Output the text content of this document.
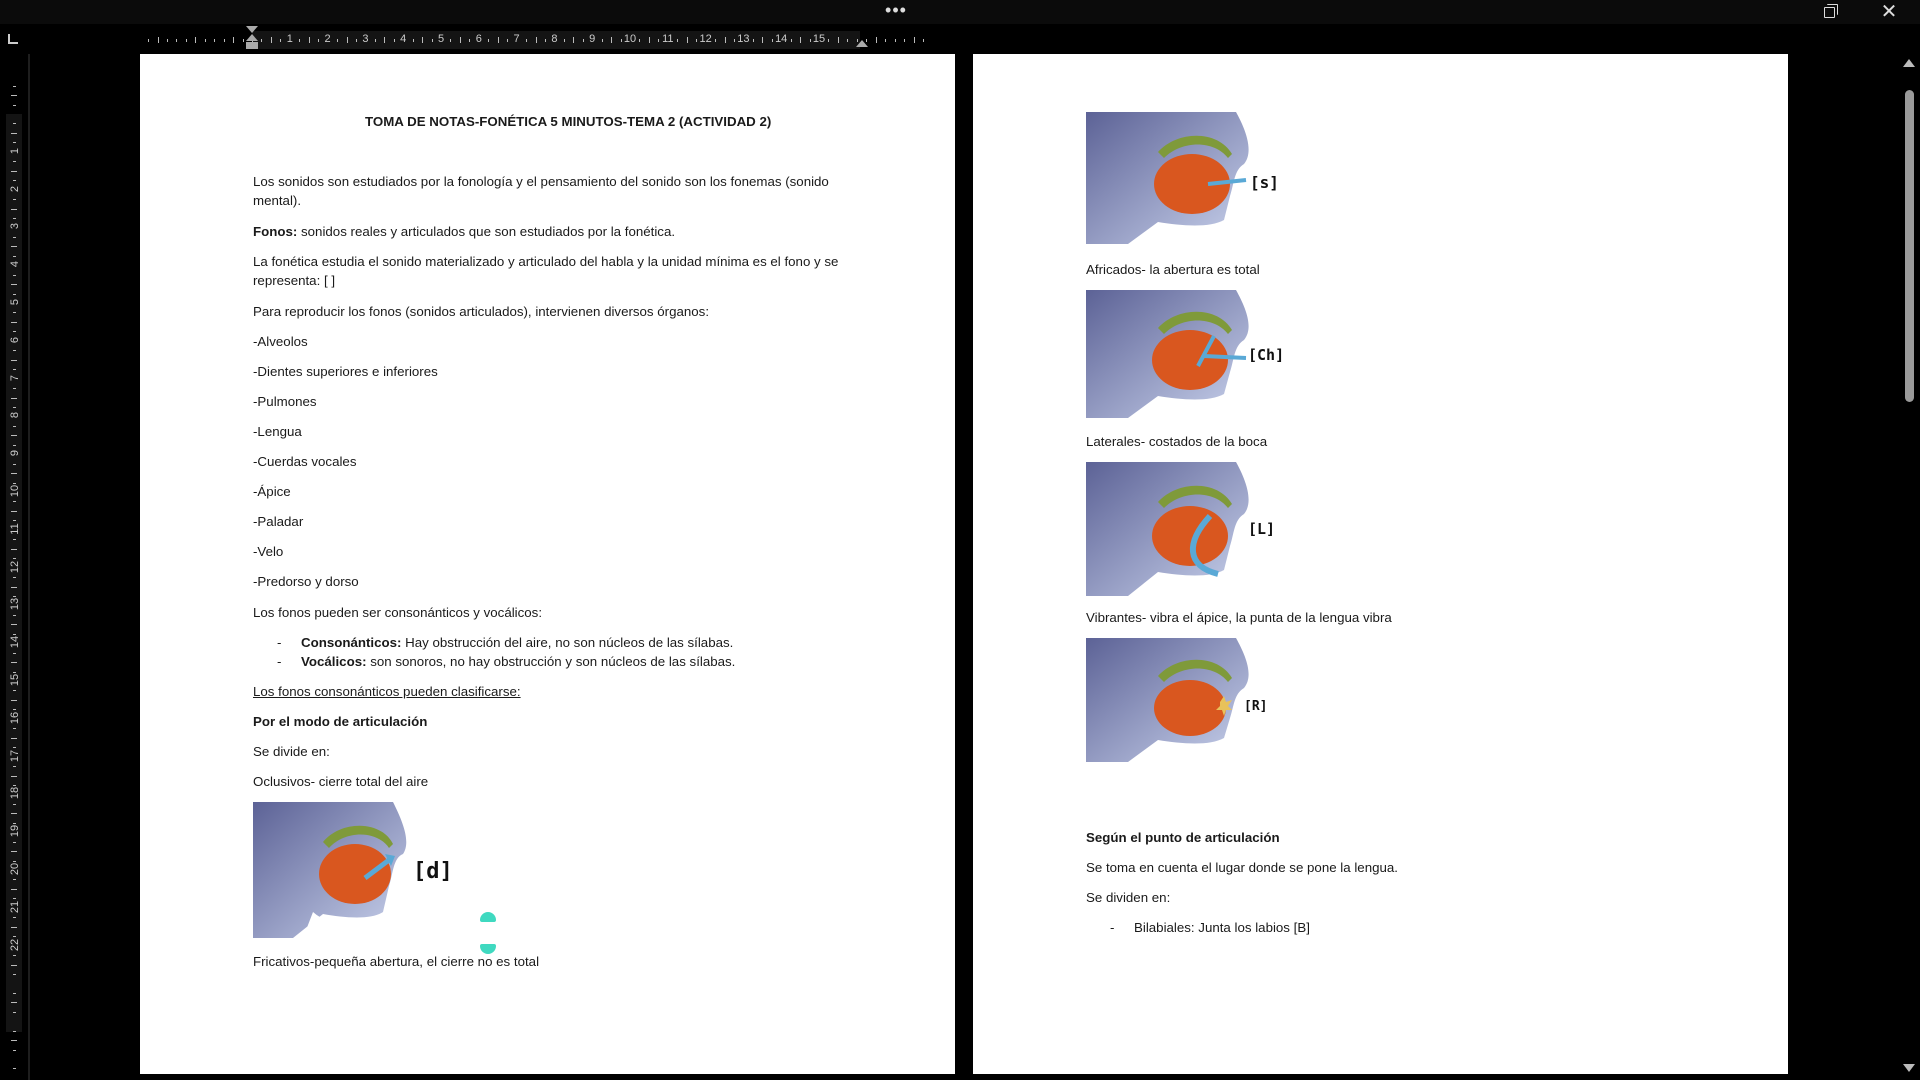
•••	✕
1	2	3	4	5	6	7	8	9	10 11 12 13 14 15
1
2
3
4
5
6
7
8
9
10
11
12
13
14
15
16
17
18
19
20
21
22
TOMA DE NOTAS-FONÉTICA 5 MINUTOS-TEMA 2 (ACTIVIDAD 2)
Los sonidos son estudiados por la fonología y el pensamiento del sonido son los fonemas (sonido
mental).
Fonos: sonidos reales y articulados que son estudiados por la fonética.
La fonética estudia el sonido materializado y articulado del habla y la unidad mínima es el fono y se
representa: [ ]
Para reproducir los fonos (sonidos articulados), intervienen diversos órganos:
-Alveolos
-Dientes superiores e inferiores
-Pulmones
-Lengua
-Cuerdas vocales
-Ápice
-Paladar
-Velo
-Predorso y dorso
Los fonos pueden ser consonánticos y vocálicos:
- Consonánticos: Hay obstrucción del aire, no son núcleos de las sílabas.
- Vocálicos: son sonoros, no hay obstrucción y son núcleos de las sílabas.
Los fonos consonánticos pueden clasificarse:
Por el modo de articulación
Se divide en:
Oclusivos- cierre total del aire
[d]
Fricativos-pequeña abertura, el cierre no es total
[s]
Africados- la abertura es total
[Ch]
Laterales- costados de la boca
[L]
Vibrantes- vibra el ápice, la punta de la lengua vibra
[R]
Según el punto de articulación
Se toma en cuenta el lugar donde se pone la lengua.
Se dividen en:
- Bilabiales: Junta los labios [B]
